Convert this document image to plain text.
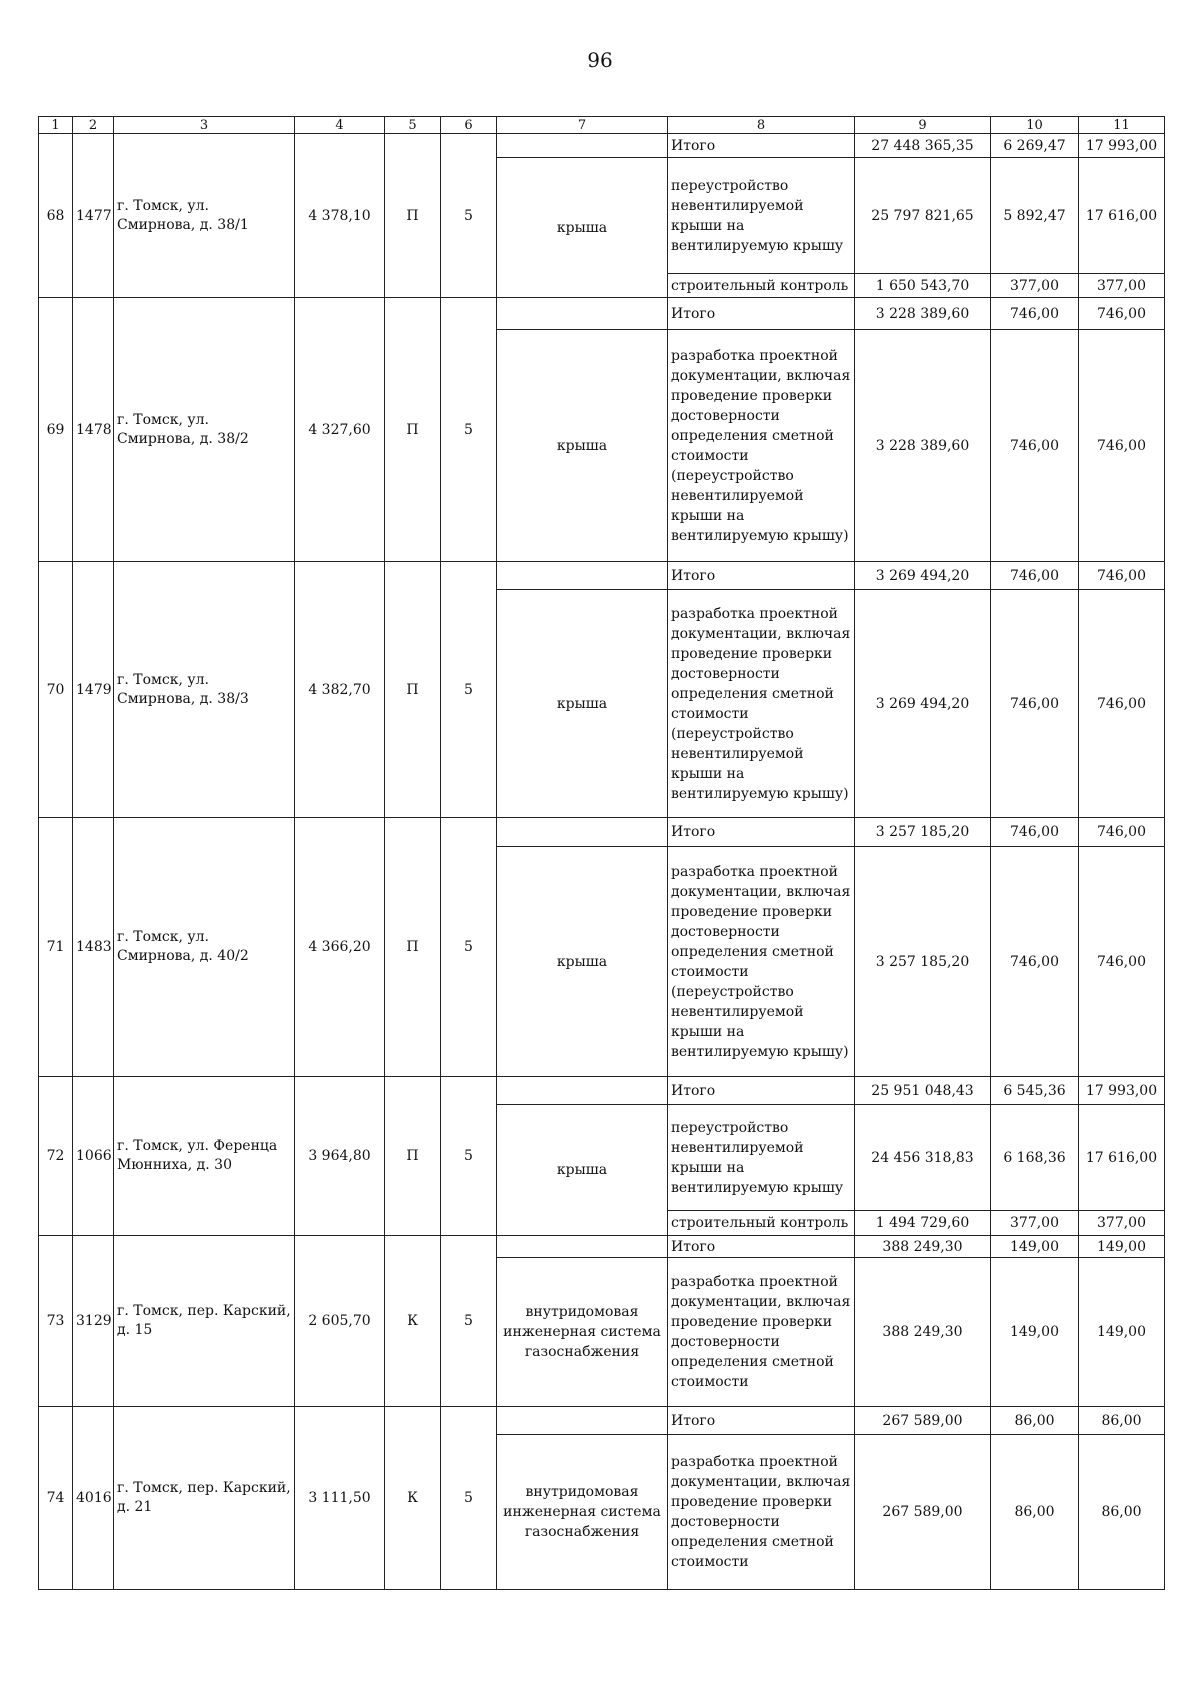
96
1	2	3	4	5	6	7	8	9	10	11
68	1477	г. Томск, ул. Смирнова, д. 38/1	4 378,10	П	5		Итого	27 448 365,35	6 269,47	17 993,00
						крыша	переустройство невентилируемой крыши на вентилируемую крышу	25 797 821,65	5 892,47	17 616,00
							строительный контроль	1 650 543,70	377,00	377,00
69	1478	г. Томск, ул. Смирнова, д. 38/2	4 327,60	П	5		Итого	3 228 389,60	746,00	746,00
						крыша	разработка проектной документации, включая проведение проверки достоверности определения сметной стоимости (переустройство невентилируемой крыши на вентилируемую крышу)	3 228 389,60	746,00	746,00
70	1479	г. Томск, ул. Смирнова, д. 38/3	4 382,70	П	5		Итого	3 269 494,20	746,00	746,00
						крыша	разработка проектной документации, включая проведение проверки достоверности определения сметной стоимости (переустройство невентилируемой крыши на вентилируемую крышу)	3 269 494,20	746,00	746,00
71	1483	г. Томск, ул. Смирнова, д. 40/2	4 366,20	П	5		Итого	3 257 185,20	746,00	746,00
						крыша	разработка проектной документации, включая проведение проверки достоверности определения сметной стоимости (переустройство невентилируемой крыши на вентилируемую крышу)	3 257 185,20	746,00	746,00
72	1066	г. Томск, ул. Ференца Мюнниха, д. 30	3 964,80	П	5		Итого	25 951 048,43	6 545,36	17 993,00
						крыша	переустройство невентилируемой крыши на вентилируемую крышу	24 456 318,83	6 168,36	17 616,00
							строительный контроль	1 494 729,60	377,00	377,00
73	3129	г. Томск, пер. Карский, д. 15	2 605,70	К	5		Итого	388 249,30	149,00	149,00
						внутридомовая инженерная система газоснабжения	разработка проектной документации, включая проведение проверки достоверности определения сметной стоимости	388 249,30	149,00	149,00
74	4016	г. Томск, пер. Карский, д. 21	3 111,50	К	5		Итого	267 589,00	86,00	86,00
						внутридомовая инженерная система газоснабжения	разработка проектной документации, включая проведение проверки достоверности определения сметной стоимости	267 589,00	86,00	86,00
